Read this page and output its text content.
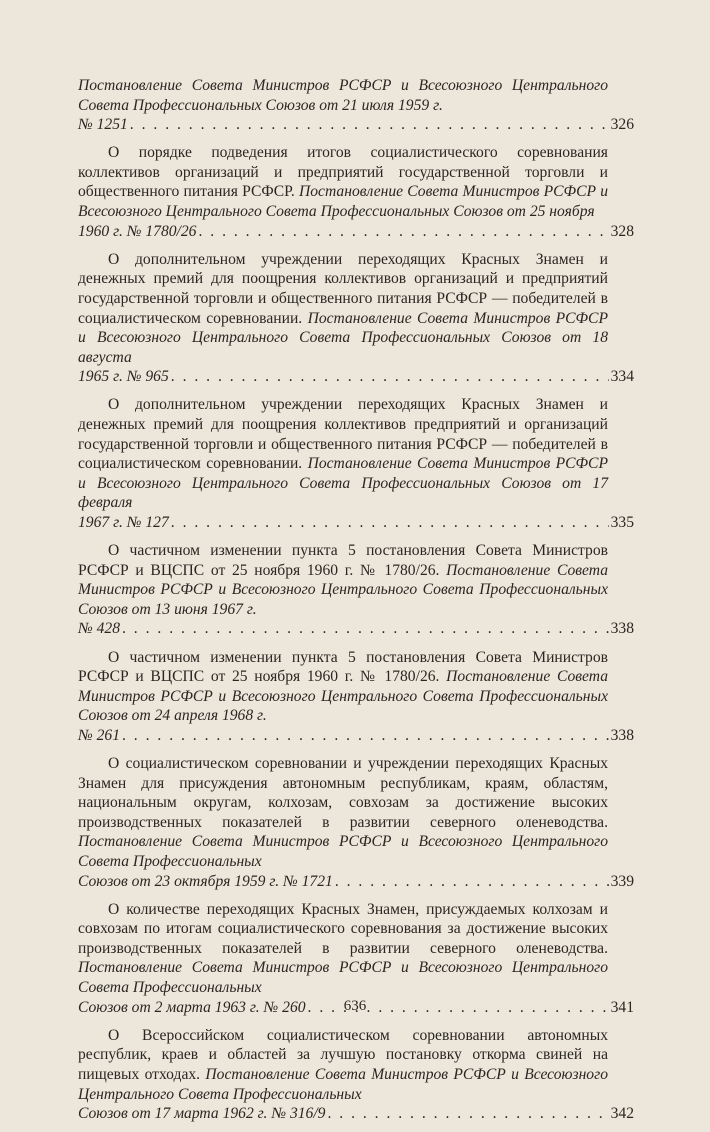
Постановление Совета Министров РСФСР и Всесоюзного Центрального Совета Профессиональных Союзов от 21 июля 1959 г.
№ 1251 . . .	326
О порядке подведения итогов социалистического соревнования коллективов организаций и предприятий государственной торговли и общественного питания РСФСР. Постановление Совета Министров РСФСР и Всесоюзного Центрального Совета Профессиональных Союзов от 25 ноября
1960 г. № 1780/26 . . .	328
О дополнительном учреждении переходящих Красных Знамен и денежных премий для поощрения коллективов организаций и предприятий государственной торговли и общественного питания РСФСР — победителей в социалистическом соревновании. Постановление Совета Министров РСФСР и Всесоюзного Центрального Совета Профессиональных Союзов от 18 августа
1965 г. № 965 . . .	334
О дополнительном учреждении переходящих Красных Знамен и денежных премий для поощрения коллективов предприятий и организаций государственной торговли и общественного питания РСФСР — победителей в социалистическом соревновании. Постановление Совета Министров РСФСР и Всесоюзного Центрального Совета Профессиональных Союзов от 17 февраля
1967 г. № 127 . . .	335
О частичном изменении пункта 5 постановления Совета Министров РСФСР и ВЦСПС от 25 ноября 1960 г. № 1780/26. Постановление Совета Министров РСФСР и Всесоюзного Центрального Совета Профессиональных Союзов от 13 июня 1967 г.
№ 428 . . .	338
О частичном изменении пункта 5 постановления Совета Министров РСФСР и ВЦСПС от 25 ноября 1960 г. № 1780/26. Постановление Совета Министров РСФСР и Всесоюзного Центрального Совета Профессиональных Союзов от 24 апреля 1968 г.
№ 261 . . .	338
О социалистическом соревновании и учреждении переходящих Красных Знамен для присуждения автономным республикам, краям, областям, национальным округам, колхозам, совхозам за достижение высоких производственных показателей в развитии северного оленеводства. Постановление Совета Министров РСФСР и Всесоюзного Центрального Совета Профессиональных
Союзов от 23 октября 1959 г. № 1721 . . .	339
О количестве переходящих Красных Знамен, присуждаемых колхозам и совхозам по итогам социалистического соревнования за достижение высоких производственных показателей в развитии северного оленеводства. Постановление Совета Министров РСФСР и Всесоюзного Центрального Совета Профессиональных
Союзов от 2 марта 1963 г. № 260 . . .	341
О Всероссийском социалистическом соревновании автономных республик, краев и областей за лучшую постановку откорма свиней на пищевых отходах. Постановление Совета Министров РСФСР и Всесоюзного Центрального Совета Профессиональных
Союзов от 17 марта 1962 г. № 316/9 . . .	342
636
